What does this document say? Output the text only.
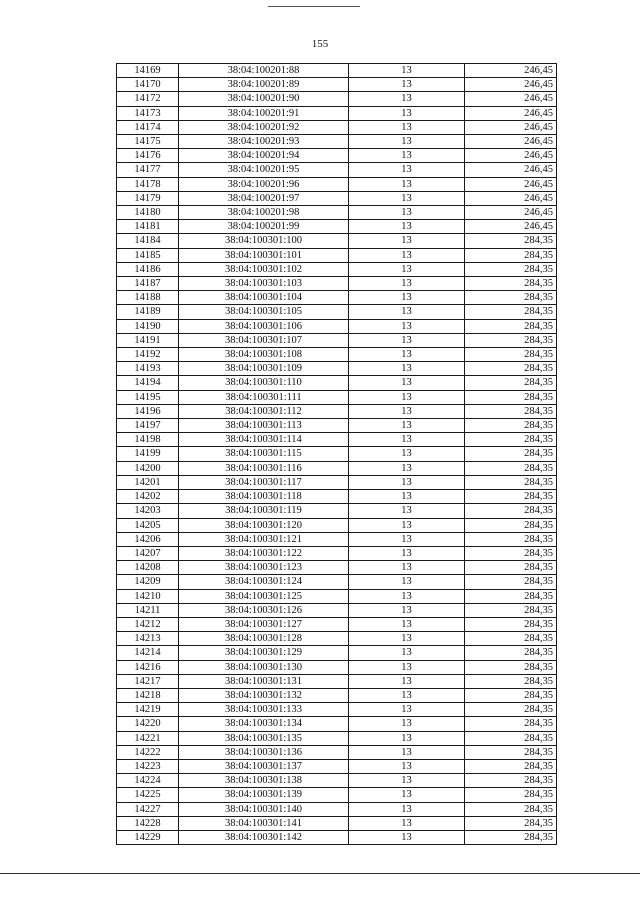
155
14169	38:04:100201:88	13	246,45
14170	38:04:100201:89	13	246,45
14172	38:04:100201:90	13	246,45
14173	38:04:100201:91	13	246,45
14174	38:04:100201:92	13	246,45
14175	38:04:100201:93	13	246,45
14176	38:04:100201:94	13	246,45
14177	38:04:100201:95	13	246,45
14178	38:04:100201:96	13	246,45
14179	38:04:100201:97	13	246,45
14180	38:04:100201:98	13	246,45
14181	38:04:100201:99	13	246,45
14184	38:04:100301:100	13	284,35
14185	38:04:100301:101	13	284,35
14186	38:04:100301:102	13	284,35
14187	38:04:100301:103	13	284,35
14188	38:04:100301:104	13	284,35
14189	38:04:100301:105	13	284,35
14190	38:04:100301:106	13	284,35
14191	38:04:100301:107	13	284,35
14192	38:04:100301:108	13	284,35
14193	38:04:100301:109	13	284,35
14194	38:04:100301:110	13	284,35
14195	38:04:100301:111	13	284,35
14196	38:04:100301:112	13	284,35
14197	38:04:100301:113	13	284,35
14198	38:04:100301:114	13	284,35
14199	38:04:100301:115	13	284,35
14200	38:04:100301:116	13	284,35
14201	38:04:100301:117	13	284,35
14202	38:04:100301:118	13	284,35
14203	38:04:100301:119	13	284,35
14205	38:04:100301:120	13	284,35
14206	38:04:100301:121	13	284,35
14207	38:04:100301:122	13	284,35
14208	38:04:100301:123	13	284,35
14209	38:04:100301:124	13	284,35
14210	38:04:100301:125	13	284,35
14211	38:04:100301:126	13	284,35
14212	38:04:100301:127	13	284,35
14213	38:04:100301:128	13	284,35
14214	38:04:100301:129	13	284,35
14216	38:04:100301:130	13	284,35
14217	38:04:100301:131	13	284,35
14218	38:04:100301:132	13	284,35
14219	38:04:100301:133	13	284,35
14220	38:04:100301:134	13	284,35
14221	38:04:100301:135	13	284,35
14222	38:04:100301:136	13	284,35
14223	38:04:100301:137	13	284,35
14224	38:04:100301:138	13	284,35
14225	38:04:100301:139	13	284,35
14227	38:04:100301:140	13	284,35
14228	38:04:100301:141	13	284,35
14229	38:04:100301:142	13	284,35
